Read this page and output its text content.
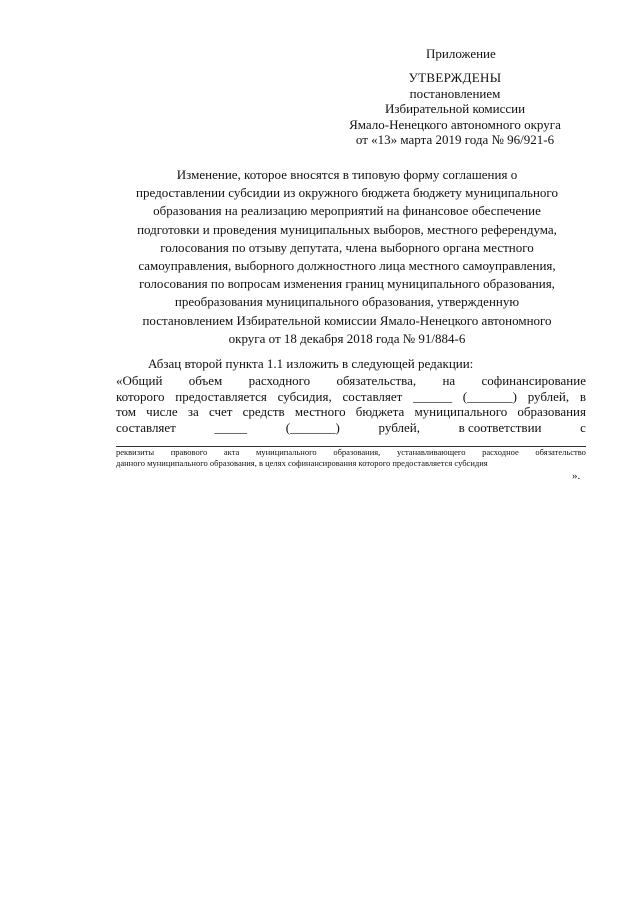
Приложение
УТВЕРЖДЕНЫ
постановлением
Избирательной комиссии
Ямало-Ненецкого автономного округа
от «13» марта 2019 года № 96/921-6
Изменение, которое вносятся в типовую форму соглашения о
предоставлении субсидии из окружного бюджета бюджету муниципального
образования на реализацию мероприятий на финансовое обеспечение
подготовки и проведения муниципальных выборов, местного референдума,
голосования по отзыву депутата, члена выборного органа местного
самоуправления, выборного должностного лица местного самоуправления,
голосования по вопросам изменения границ муниципального образования,
преобразования муниципального образования, утвержденную
постановлением Избирательной комиссии Ямало-Ненецкого автономного
округа от 18 декабря 2018 года № 91/884-6
Абзац второй пункта 1.1 изложить в следующей редакции:
«Общий объем расходного обязательства, на софинансирование
которого предоставляется субсидия, составляет ______ (_______) рублей, в
том числе за счет средств местного бюджета муниципального образования
составляет	_____	(_______)	рублей,	в соответствии	с
реквизиты правового акта муниципального образования, устанавливающего расходное обязательство
данного муниципального образования, в целях софинансирования которого предоставляется субсидия
».
